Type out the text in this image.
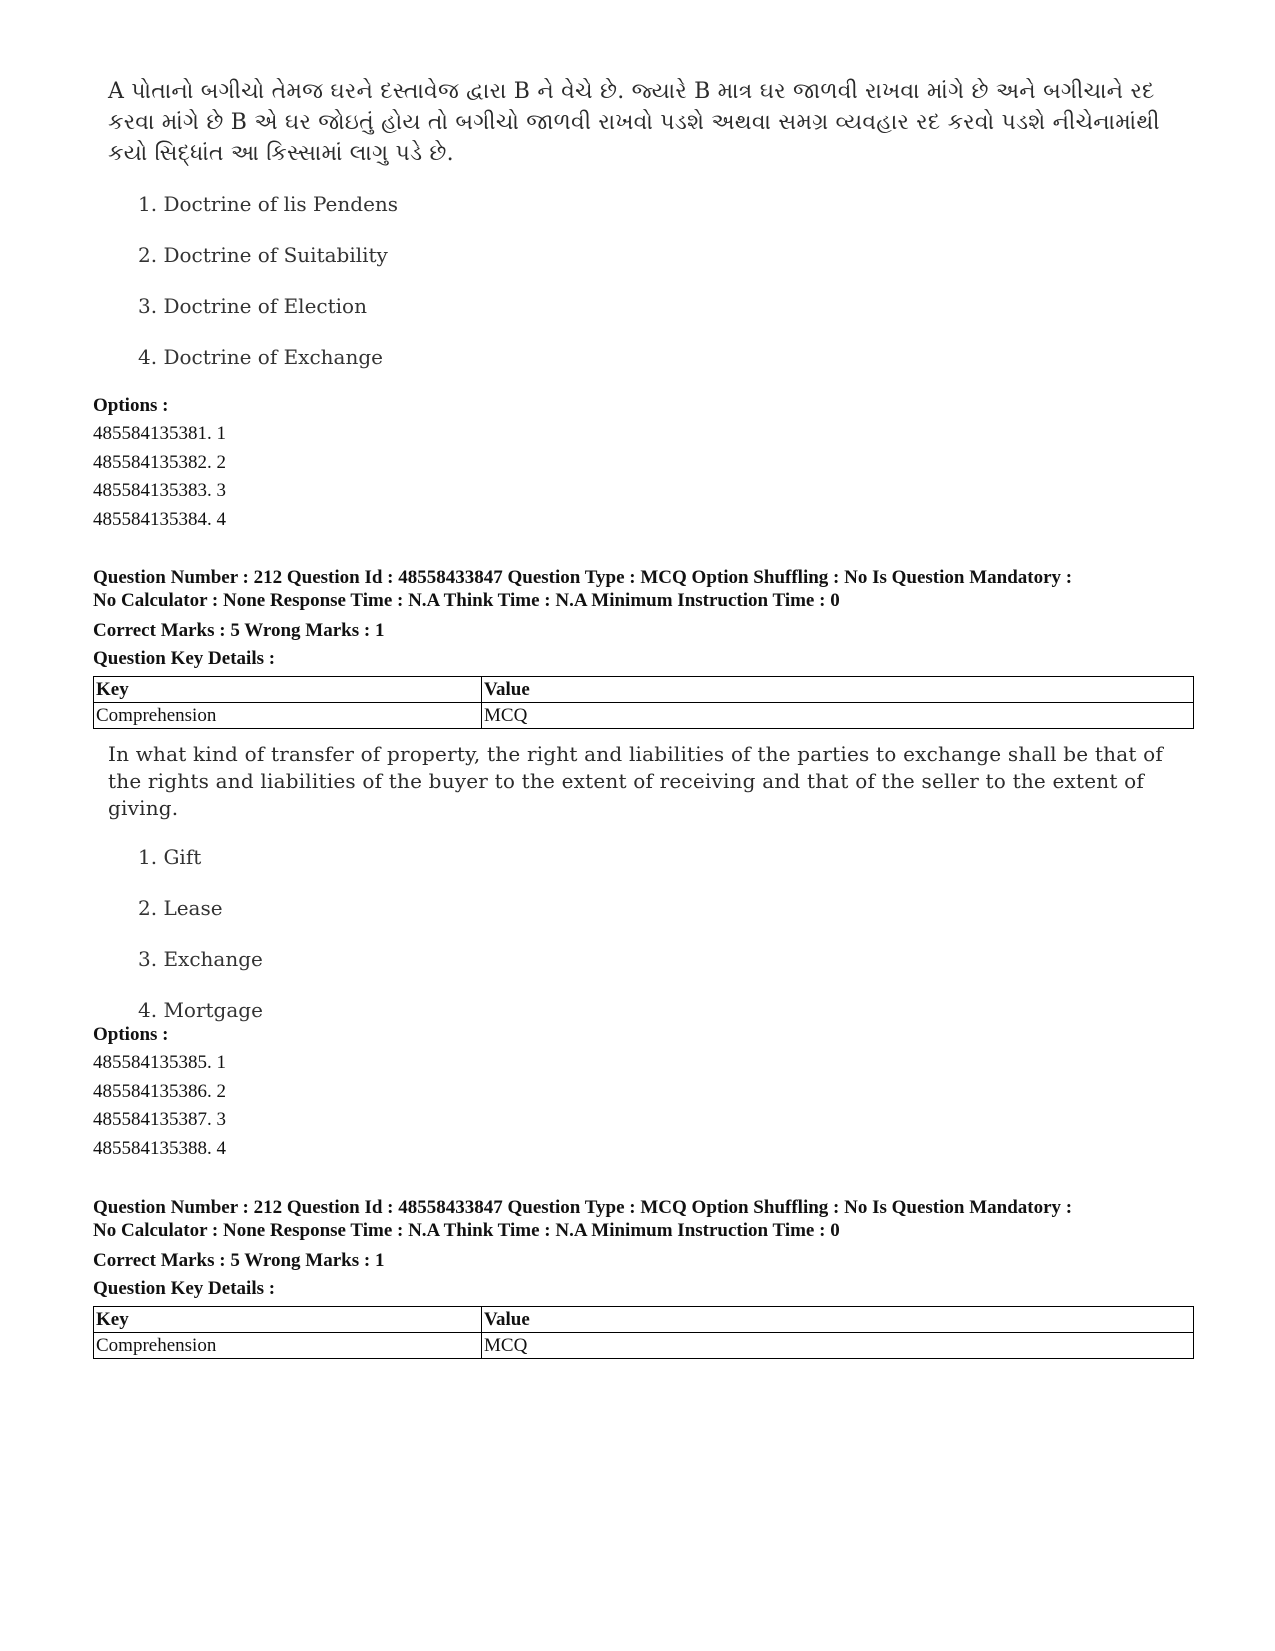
A પોતાનો બગીચો તેમજ ઘરને દસ્તાવેજ દ્વારા B ને વેચે છે. જ્યારે B માત્ર ઘર જાળવી રાખવા માંગે છે અને બગીચાને રદ કરવા માંગે છે B એ ઘર જોઇતું હોય તો બગીચો જાળવી રાખવો પડશે અથવા સમગ્ર વ્યવહાર રદ કરવો પડશે નીચેનામાંથી કયો સિદ્ધાંત આ કિસ્સામાં લાગુ પડે છે.
1. Doctrine of lis Pendens
2. Doctrine of Suitability
3. Doctrine of Election
4. Doctrine of Exchange
Options :
485584135381. 1
485584135382. 2
485584135383. 3
485584135384. 4
Question Number : 212 Question Id : 48558433847 Question Type : MCQ Option Shuffling : No Is Question Mandatory :
No Calculator : None Response Time : N.A Think Time : N.A Minimum Instruction Time : 0
Correct Marks : 5 Wrong Marks : 1
Question Key Details :
Key	Value
Comprehension	MCQ
In what kind of transfer of property, the right and liabilities of the parties to exchange shall be that of the rights and liabilities of the buyer to the extent of receiving and that of the seller to the extent of giving.
1. Gift
2. Lease
3. Exchange
4. Mortgage
Options :
485584135385. 1
485584135386. 2
485584135387. 3
485584135388. 4
Question Number : 212 Question Id : 48558433847 Question Type : MCQ Option Shuffling : No Is Question Mandatory :
No Calculator : None Response Time : N.A Think Time : N.A Minimum Instruction Time : 0
Correct Marks : 5 Wrong Marks : 1
Question Key Details :
Key	Value
Comprehension	MCQ
